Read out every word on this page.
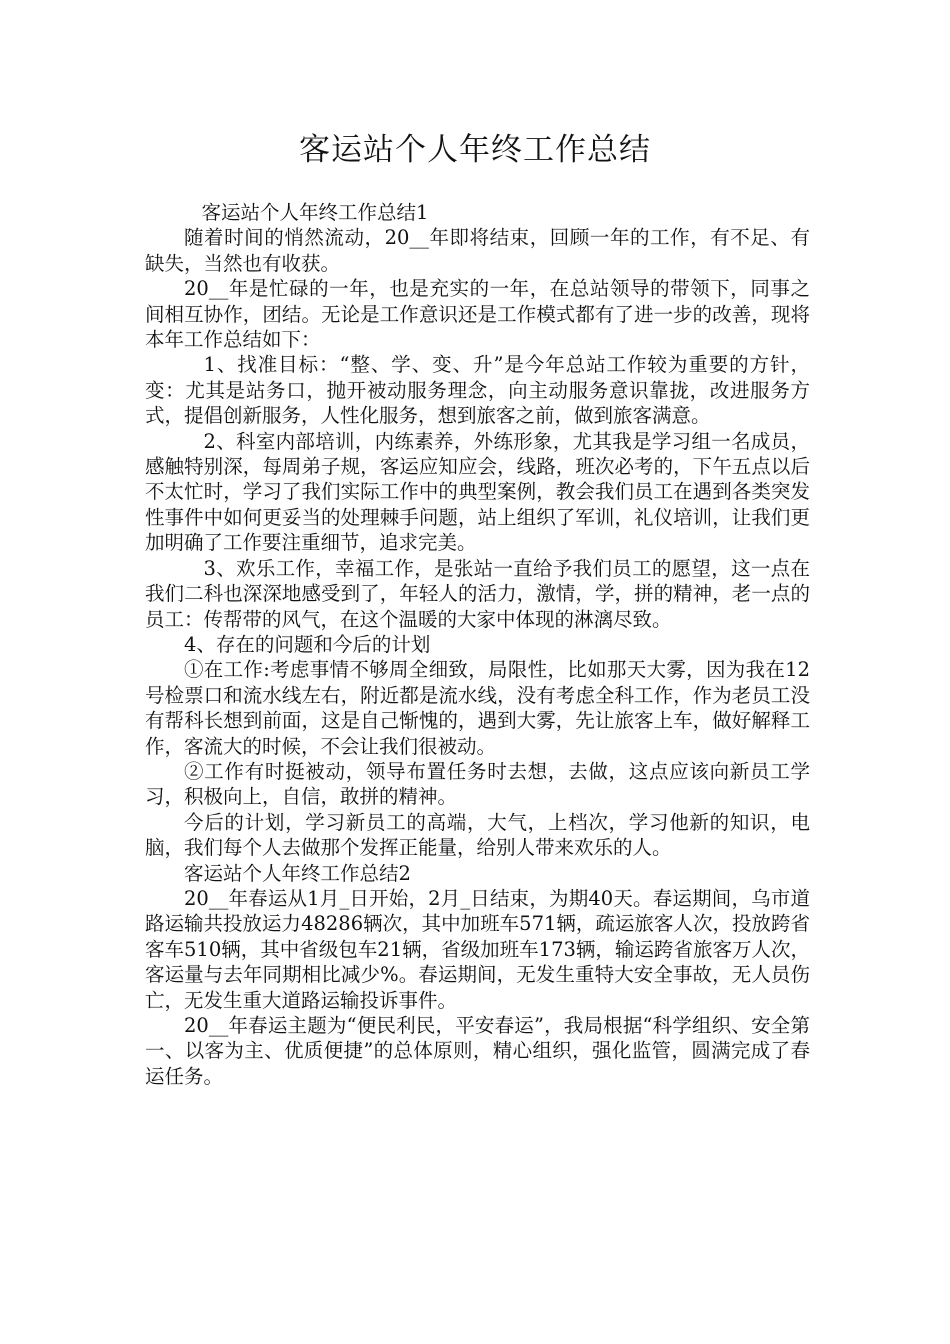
客运站个人年终工作总结

客运站个人年终工作总结1

随着时间的悄然流动，20__年即将结束，回顾一年的工作，有不足、有缺失，当然也有收获。

20__年是忙碌的一年，也是充实的一年，在总站领导的带领下，同事之间相互协作，团结。无论是工作意识还是工作模式都有了进一步的改善，现将本年工作总结如下：

1、找准目标：“整、学、变、升”是今年总站工作较为重要的方针，变：尤其是站务口，抛开被动服务理念，向主动服务意识靠拢，改进服务方式，提倡创新服务，人性化服务，想到旅客之前，做到旅客满意。

2、科室内部培训，内练素养，外练形象，尤其我是学习组一名成员，感触特别深，每周弟子规，客运应知应会，线路，班次必考的，下午五点以后不太忙时，学习了我们实际工作中的典型案例，教会我们员工在遇到各类突发性事件中如何更妥当的处理棘手问题，站上组织了军训，礼仪培训，让我们更加明确了工作要注重细节，追求完美。

3、欢乐工作，幸福工作，是张站一直给予我们员工的愿望，这一点在我们二科也深深地感受到了，年轻人的活力，激情，学，拼的精神，老一点的员工：传帮带的风气，在这个温暖的大家中体现的淋漓尽致。

4、存在的问题和今后的计划

①在工作:考虑事情不够周全细致，局限性，比如那天大雾，因为我在12号检票口和流水线左右，附近都是流水线，没有考虑全科工作，作为老员工没有帮科长想到前面，这是自己惭愧的，遇到大雾，先让旅客上车，做好解释工作，客流大的时候，不会让我们很被动。

②工作有时挺被动，领导布置任务时去想，去做，这点应该向新员工学习，积极向上，自信，敢拼的精神。

今后的计划，学习新员工的高端，大气，上档次，学习他新的知识，电脑，我们每个人去做那个发挥正能量，给别人带来欢乐的人。

客运站个人年终工作总结2

20__年春运从1月_日开始，2月_日结束，为期40天。春运期间，乌市道路运输共投放运力48286辆次，其中加班车571辆，疏运旅客人次，投放跨省客车510辆，其中省级包车21辆，省级加班车173辆，输运跨省旅客万人次，客运量与去年同期相比减少%。春运期间，无发生重特大安全事故，无人员伤亡，无发生重大道路运输投诉事件。

20__年春运主题为“便民利民，平安春运”，我局根据“科学组织、安全第一、以客为主、优质便捷”的总体原则，精心组织，强化监管，圆满完成了春运任务。
